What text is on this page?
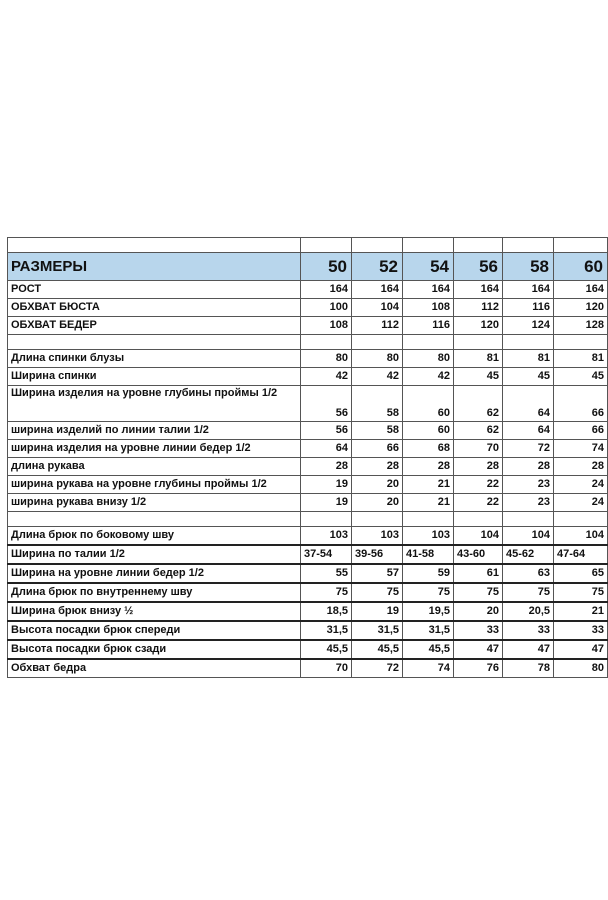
РАЗМЕРЫ	50	52	54	56	58	60
РОСТ	164	164	164	164	164	164
ОБХВАТ БЮСТА	100	104	108	112	116	120
ОБХВАТ БЕДЕР	108	112	116	120	124	128

Длина спинки блузы	80	80	80	81	81	81
Ширина спинки	42	42	42	45	45	45
Ширина изделия на уровне глубины проймы 1/2	56	58	60	62	64	66
ширина изделий по линии талии 1/2	56	58	60	62	64	66
ширина изделия на уровне линии бедер 1/2	64	66	68	70	72	74
длина рукава	28	28	28	28	28	28
ширина рукава на уровне глубины проймы 1/2	19	20	21	22	23	24
ширина рукава внизу 1/2	19	20	21	22	23	24

Длина брюк по боковому шву	103	103	103	104	104	104
Ширина по талии 1/2	37-54	39-56	41-58	43-60	45-62	47-64
Ширина на уровне линии бедер 1/2	55	57	59	61	63	65
Длина брюк по внутреннему шву	75	75	75	75	75	75
Ширина брюк внизу ½	18,5	19	19,5	20	20,5	21
Высота посадки брюк спереди	31,5	31,5	31,5	33	33	33
Высота посадки брюк сзади	45,5	45,5	45,5	47	47	47
Обхват бедра	70	72	74	76	78	80
